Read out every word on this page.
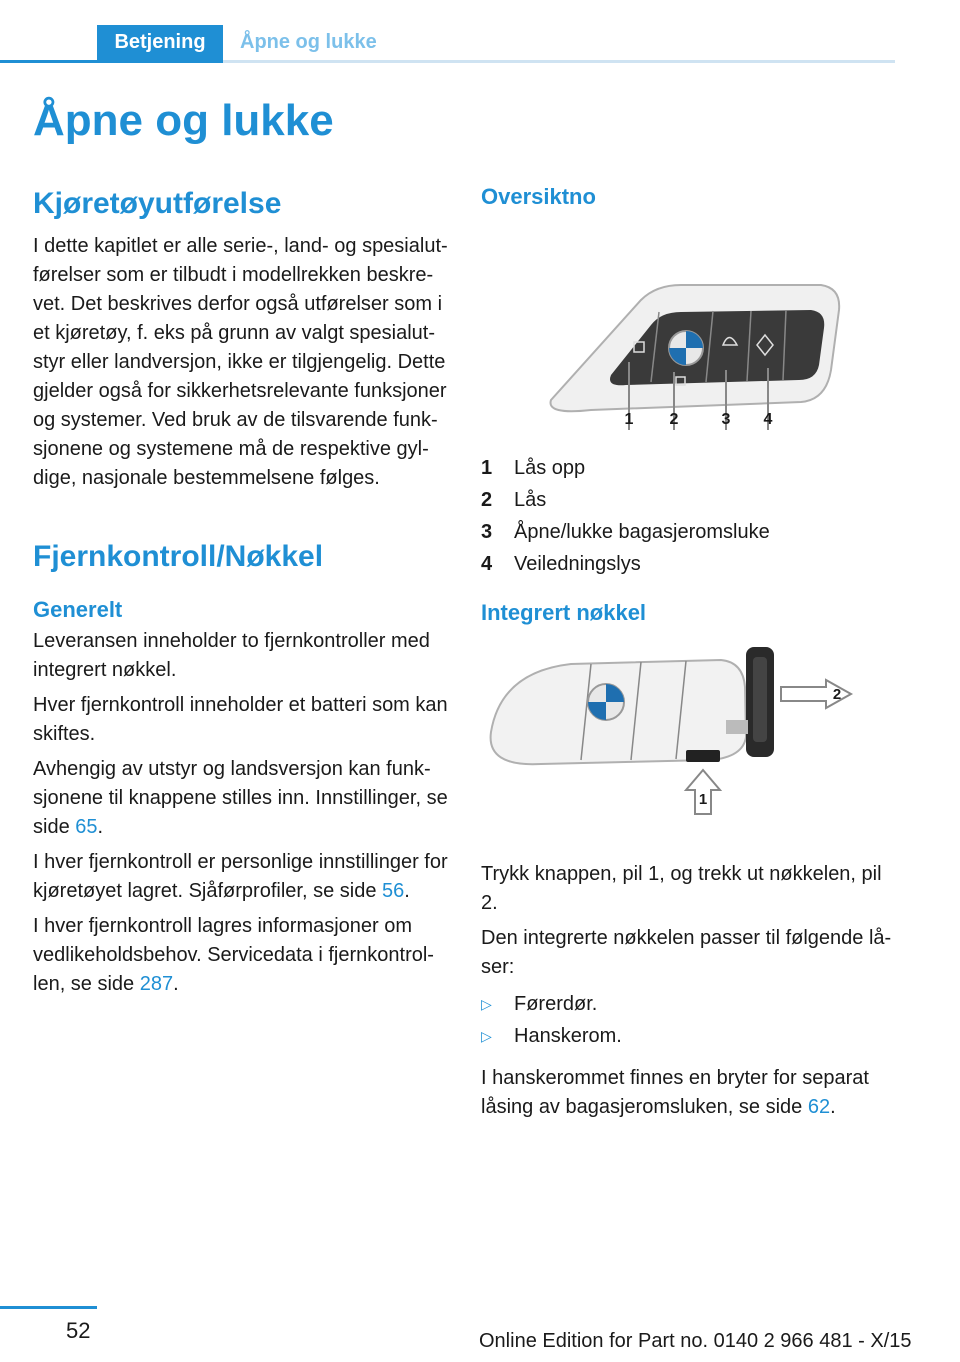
Betjening	Åpne og lukke
Åpne og lukke
Kjøretøyutførelse

I dette kapitlet er alle serie-, land- og spesialutførelser som er tilbudt i modellrekken beskrevet. Det beskrives derfor også utførelser som i et kjøretøy, f. eks på grunn av valgt spesialutstyr eller landversjon, ikke er tilgjengelig. Dette gjelder også for sikkerhetsrelevante funksjoner og systemer. Ved bruk av de tilsvarende funksjonene og systemene må de respektive gyldige, nasjonale bestemmelsene følges.

Fjernkontroll/Nøkkel
Generelt

Leveransen inneholder to fjernkontroller med integrert nøkkel.

Hver fjernkontroll inneholder et batteri som kan skiftes.

Avhengig av utstyr og landsversjon kan funksjonene til knappene stilles inn. Innstillinger, se side 65.

I hver fjernkontroll er personlige innstillinger for kjøretøyet lagret. Sjåførprofiler, se side 56.

I hver fjernkontroll lagres informasjoner om vedlikeholdsbehov. Servicedata i fjernkontrollen, se side 287.

Oversiktno
1 2	3 4
1	Lås opp
2	Lås
3	Åpne/lukke bagasjeromsluke
4	Veiledningslys
Integrert nøkkel
2
1

Trykk knappen, pil 1, og trekk ut nøkkelen, pil 2.

Den integrerte nøkkelen passer til følgende låser:

▷	Førerdør.
▷	Hanskerom.

I hanskerommet finnes en bryter for separat låsing av bagasjeromsluken, se side 62.

52	Online Edition for Part no. 0140 2 966 481 - X/15
